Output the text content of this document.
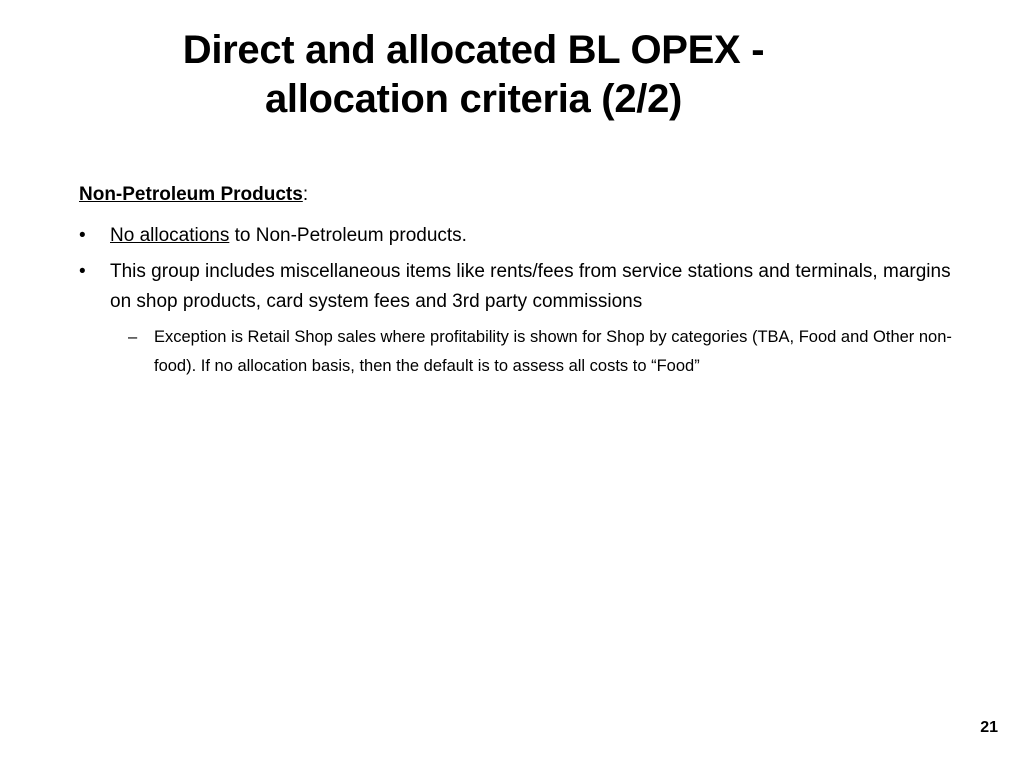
Direct and allocated BL OPEX -
allocation criteria (2/2)

Non-Petroleum Products:

•	No allocations to Non-Petroleum products.
•	This group includes miscellaneous items like rents/fees from service stations and terminals, margins on shop products, card system fees and 3rd party commissions
–	Exception is Retail Shop sales where profitability is shown for Shop by categories (TBA, Food and Other non-food). If no allocation basis, then the default is to assess all costs to “Food”
21
